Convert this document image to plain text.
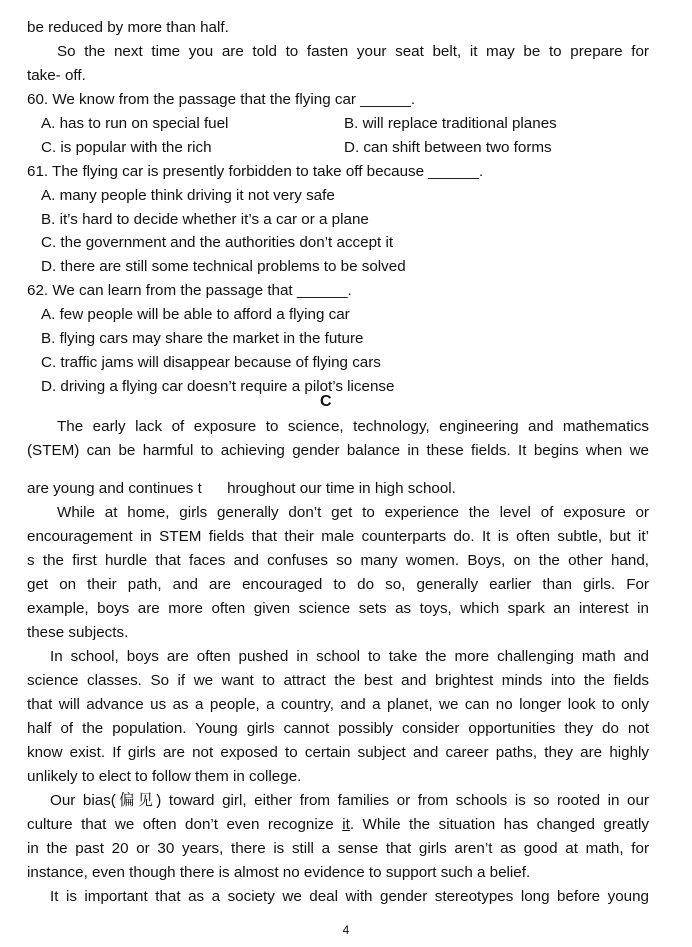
be reduced by more than half.

So the next time you are told to fasten your seat belt, it may be to prepare for

take- off.

60. We know from the passage that the flying car ______.

A. has to run on special fuel	B. will replace traditional planes

C. is popular with the rich	D. can shift between two forms

61. The flying car is presently forbidden to take off because ______.

A. many people think driving it not very safe

B. it’s hard to decide whether it’s a car or a plane

C. the government and the authorities don’t accept it

D. there are still some technical problems to be solved

62. We can learn from the passage that ______.

A. few people will be able to afford a flying car

B. flying cars may share the market in the future

C. traffic jams will disappear because of flying cars

D. driving a flying car doesn’t require a pilot’s license

C

The early lack of exposure to science, technology, engineering and mathematics

(STEM) can be harmful to achieving gender balance in these fields. It begins when we

are young and continues t      hroughout our time in high school.

While at home, girls generally don’t get to experience the level of exposure or

encouragement in STEM fields that their male counterparts do. It is often subtle, but it’

s the first hurdle that faces and confuses so many women. Boys, on the other hand,

get on their path, and are encouraged to do so, generally earlier than girls. For

example, boys are more often given science sets as toys, which spark an interest in

these subjects.

In school, boys are often pushed in school to take the more challenging math and

science classes. So if we want to attract the best and brightest minds into the fields

that will advance us as a people, a country, and a planet, we can no longer look to only

half of the population. Young girls cannot possibly consider opportunities they do not

know exist. If girls are not exposed to certain subject and career paths, they are highly

unlikely to elect to follow them in college.

Our bias(偏见) toward girl, either from families or from schools is so rooted in our

culture that we often don’t even recognize it. While the situation has changed greatly

in the past 20 or 30 years, there is still a sense that girls aren’t as good at math, for

instance, even though there is almost no evidence to support such a belief.

It is important that as a society we deal with gender stereotypes long before young

4
